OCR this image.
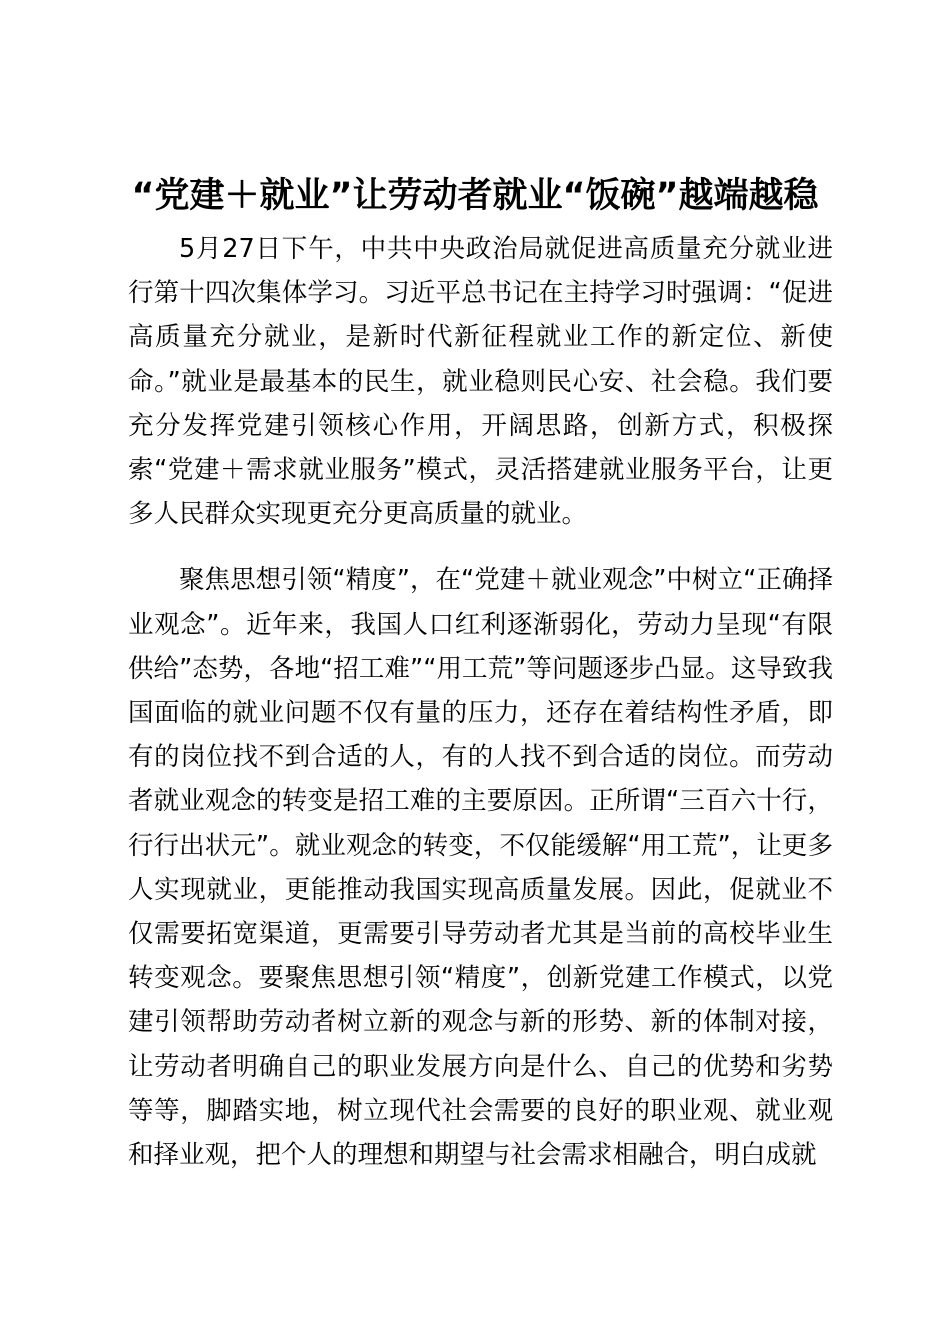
“党建＋就业”让劳动者就业“饭碗”越端越稳

5月27日下午，中共中央政治局就促进高质量充分就业进行第十四次集体学习。习近平总书记在主持学习时强调：“促进高质量充分就业，是新时代新征程就业工作的新定位、新使命。”就业是最基本的民生，就业稳则民心安、社会稳。我们要充分发挥党建引领核心作用，开阔思路，创新方式，积极探索“党建＋需求就业服务”模式，灵活搭建就业服务平台，让更多人民群众实现更充分更高质量的就业。

聚焦思想引领“精度”，在“党建＋就业观念”中树立“正确择业观念”。近年来，我国人口红利逐渐弱化，劳动力呈现“有限供给”态势，各地“招工难”“用工荒”等问题逐步凸显。这导致我国面临的就业问题不仅有量的压力，还存在着结构性矛盾，即有的岗位找不到合适的人，有的人找不到合适的岗位。而劳动者就业观念的转变是招工难的主要原因。正所谓“三百六十行，行行出状元”。就业观念的转变，不仅能缓解“用工荒”，让更多人实现就业，更能推动我国实现高质量发展。因此，促就业不仅需要拓宽渠道，更需要引导劳动者尤其是当前的高校毕业生转变观念。要聚焦思想引领“精度”，创新党建工作模式，以党建引领帮助劳动者树立新的观念与新的形势、新的体制对接，让劳动者明确自己的职业发展方向是什么、自己的优势和劣势等等，脚踏实地，树立现代社会需要的良好的职业观、就业观和择业观，把个人的理想和期望与社会需求相融合，明白成就
